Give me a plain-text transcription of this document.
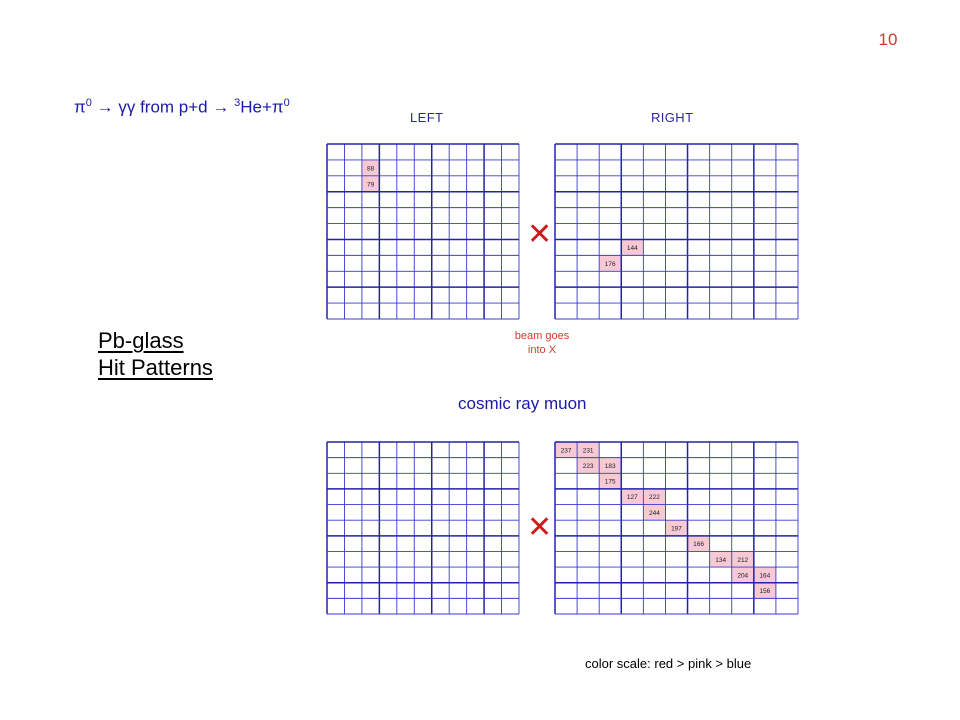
10
$\pi^0 \to \gamma\gamma$ from $p+d \to ^3He+\pi^0$
LEFT	RIGHT
Pb-glass
Hit Patterns
beam goes
into X
cosmic ray muon
color scale: red > pink > blue
✕
✕
88
79
144
176
237 231
223 183
175
127 222
244
197
166
134 212
204 164
156
